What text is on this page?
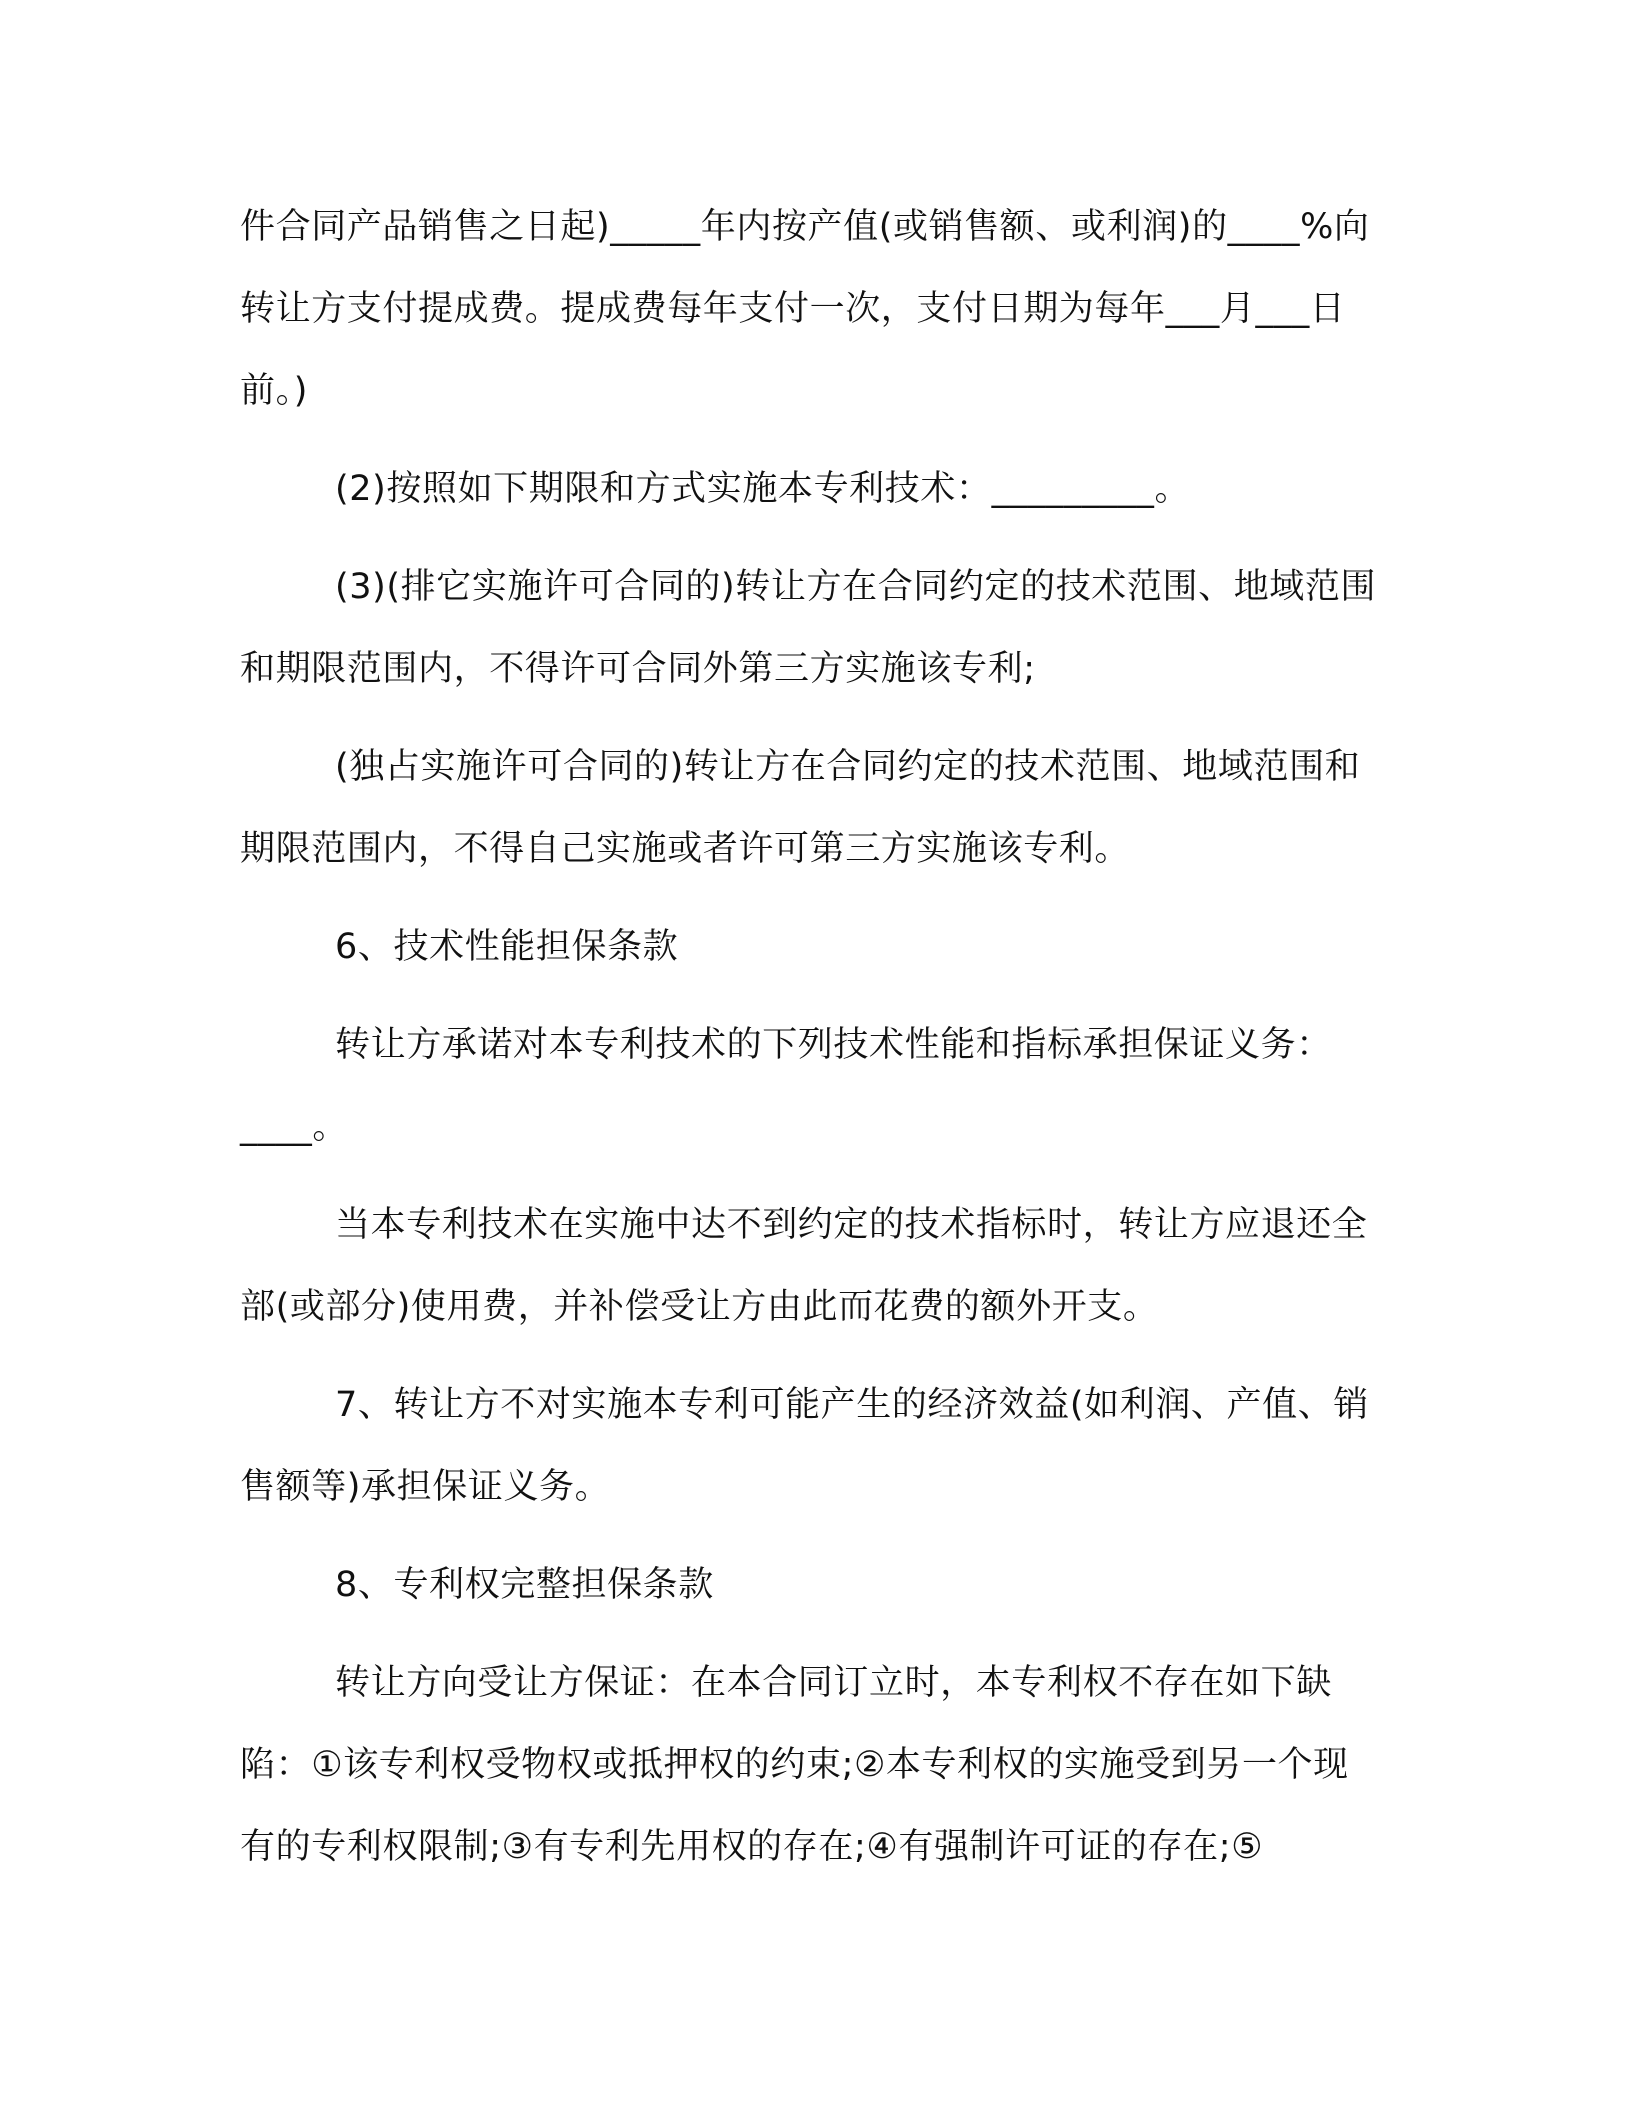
件合同产品销售之日起)_____年内按产值(或销售额、或利润)的____%向转让方支付提成费。提成费每年支付一次，支付日期为每年___月___日前。)

(2)按照如下期限和方式实施本专利技术：_________。

(3)(排它实施许可合同的)转让方在合同约定的技术范围、地域范围和期限范围内，不得许可合同外第三方实施该专利;

(独占实施许可合同的)转让方在合同约定的技术范围、地域范围和期限范围内，不得自己实施或者许可第三方实施该专利。

6、技术性能担保条款

转让方承诺对本专利技术的下列技术性能和指标承担保证义务：____。

当本专利技术在实施中达不到约定的技术指标时，转让方应退还全部(或部分)使用费，并补偿受让方由此而花费的额外开支。

7、转让方不对实施本专利可能产生的经济效益(如利润、产值、销售额等)承担保证义务。

8、专利权完整担保条款

转让方向受让方保证：在本合同订立时，本专利权不存在如下缺陷：①该专利权受物权或抵押权的约束;②本专利权的实施受到另一个现有的专利权限制;③有专利先用权的存在;④有强制许可证的存在;⑤
